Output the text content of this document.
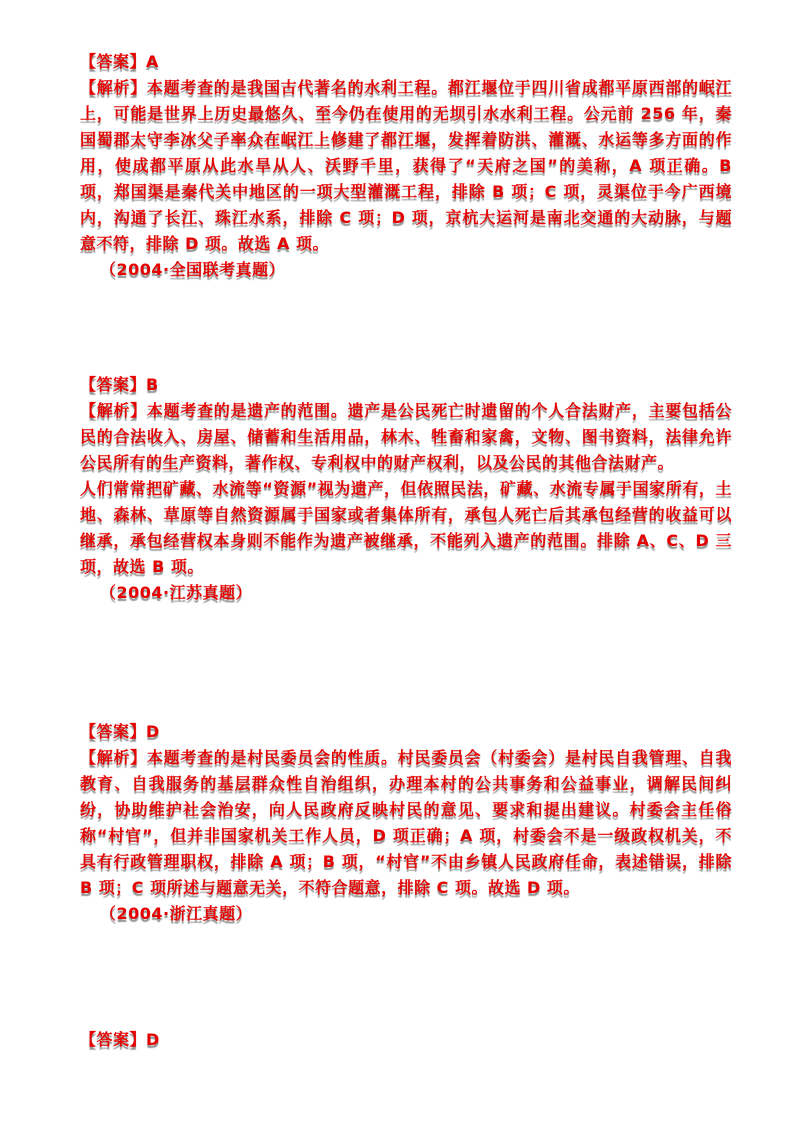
【答案】A
【解析】本题考查的是我国古代著名的水利工程。都江堰位于四川省成都平原西部的岷江上，可能是世界上历史最悠久、至今仍在使用的无坝引水水利工程。公元前 256 年，秦国蜀郡太守李冰父子率众在岷江上修建了都江堰，发挥着防洪、灌溉、水运等多方面的作用，使成都平原从此水旱从人、沃野千里，获得了“天府之国”的美称，A 项正确。B 项，郑国渠是秦代关中地区的一项大型灌溉工程，排除 B 项；C 项，灵渠位于今广西境内，沟通了长江、珠江水系，排除 C 项；D 项，京杭大运河是南北交通的大动脉，与题意不符，排除 D 项。故选 A 项。
（2004·全国联考真题）
【答案】B
【解析】本题考查的是遗产的范围。遗产是公民死亡时遗留的个人合法财产，主要包括公民的合法收入、房屋、储蓄和生活用品，林木、牲畜和家禽，文物、图书资料，法律允许公民所有的生产资料，著作权、专利权中的财产权利，以及公民的其他合法财产。
人们常常把矿藏、水流等“资源”视为遗产，但依照民法，矿藏、水流专属于国家所有，土地、森林、草原等自然资源属于国家或者集体所有，承包人死亡后其承包经营的收益可以继承，承包经营权本身则不能作为遗产被继承，不能列入遗产的范围。排除 A、C、D 三项，故选 B 项。
（2004·江苏真题）
【答案】D
【解析】本题考查的是村民委员会的性质。村民委员会（村委会）是村民自我管理、自我教育、自我服务的基层群众性自治组织，办理本村的公共事务和公益事业，调解民间纠纷，协助维护社会治安，向人民政府反映村民的意见、要求和提出建议。村委会主任俗称“村官”，但并非国家机关工作人员，D 项正确；A 项，村委会不是一级政权机关，不具有行政管理职权，排除 A 项；B 项，“村官”不由乡镇人民政府任命，表述错误，排除 B 项；C 项所述与题意无关，不符合题意，排除 C 项。故选 D 项。
（2004·浙江真题）
【答案】D
